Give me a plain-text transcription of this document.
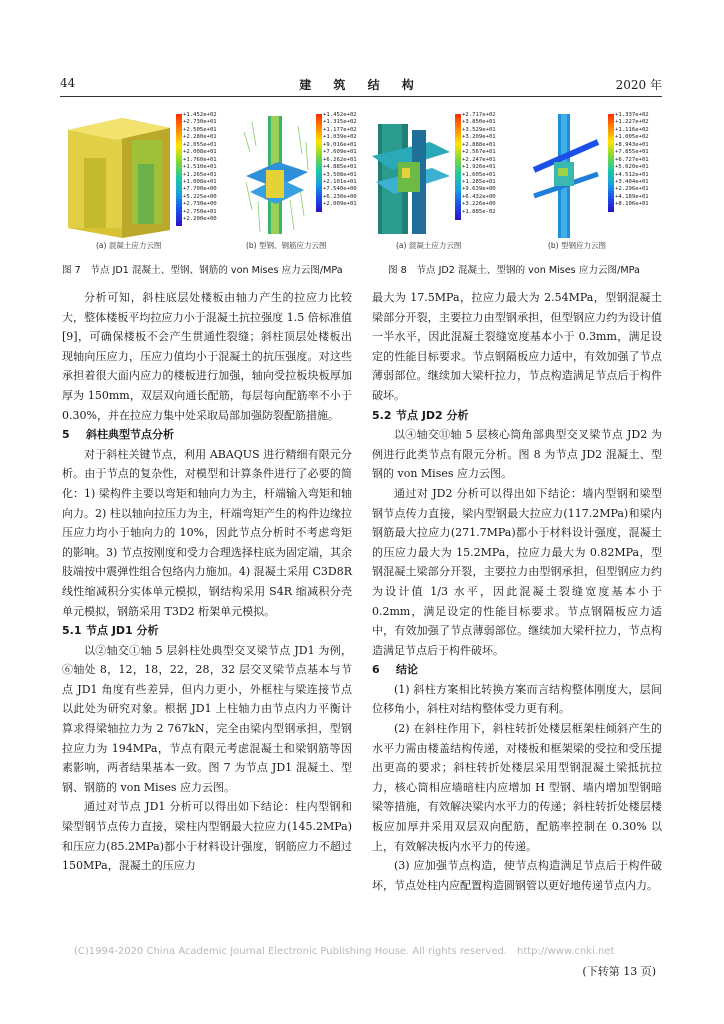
44	建 筑 结 构	2020 年
+1.452e+02
+2.730e+01
+2.505e+01
+2.280e+01
+2.055e+01
+2.008e+01
+1.760e+01
+1.510e+01
+1.265e+01
+1.008e+01
+7.700e+00
+5.225e+00
+2.730e+00
+2.750e+01
+2.200e+00
(a) 混凝土应力云图
+1.452e+02
+1.315e+02
+1.177e+02
+1.039e+02
+9.016e+01
+7.609e+01
+6.262e+01
+4.885e+01
+3.508e+01
+2.101e+01
+7.540e+00
+6.230e+00
+2.009e+01
(b) 型钢、钢筋应力云图
+2.717e+02
+3.850e+01
+3.529e+01
+3.209e+01
+2.888e+01
+2.567e+01
+2.247e+01
+1.926e+01
+1.605e+01
+1.285e+01
+9.639e+00
+6.432e+00
+3.226e+00
+1.885e-02
(a) 混凝土应力云图
+1.337e+02
+1.227e+02
+1.116e+02
+1.005e+02
+8.943e+01
+7.855e+01
+6.727e+01
+5.620e+01
+4.512e+01
+3.404e+01
+2.296e+01
+4.189e+01
+8.106e+01
(b) 型钢应力云图
图 7　节点 JD1 混凝土、型钢、钢筋的 von Mises 应力云图/MPa	图 8　节点 JD2 混凝土、型钢的 von Mises 应力云图/MPa

分析可知，斜柱底层处楼板由轴力产生的拉应力比较大，整体楼板平均拉应力小于混凝土抗拉强度 1.5 倍标准值[9]，可确保楼板不会产生贯通性裂缝；斜柱顶层处楼板出现轴向压应力，压应力值均小于混凝土的抗压强度。对这些承担着很大面内应力的楼板进行加强，轴向受拉板块板厚加厚为 150mm，双层双向通长配筋，每层每向配筋率不小于 0.30%，并在拉应力集中处采取局部加强防裂配筋措施。

5 斜柱典型节点分析

对于斜柱关键节点，利用 ABAQUS 进行精细有限元分析。由于节点的复杂性，对模型和计算条件进行了必要的简化：1) 梁构件主要以弯矩和轴向力为主，杆端输入弯矩和轴向力。2) 柱以轴向拉压力为主，杆端弯矩产生的构件边缘拉压应力均小于轴向力的 10%，因此节点分析时不考虑弯矩的影响。3) 节点按刚度和受力合理选择柱底为固定端，其余肢端按中震弹性组合包络内力施加。4) 混凝土采用 C3D8R 线性缩减积分实体单元模拟，钢结构采用 S4R 缩减积分壳单元模拟，钢筋采用 T3D2 桁架单元模拟。

5.1 节点 JD1 分析

以②轴交①轴 5 层斜柱处典型交叉梁节点 JD1 为例，⑥轴处 8，12，18，22，28，32 层交叉梁节点基本与节点 JD1 角度有些差异，但内力更小，外框柱与梁连接节点以此处为研究对象。根据 JD1 上柱轴力由节点内力平衡计算求得梁轴拉力为 2 767kN，完全由梁内型钢承担，型钢拉应力为 194MPa，节点有限元考虑混凝土和梁钢筋等因素影响，两者结果基本一致。图 7 为节点 JD1 混凝土、型钢、钢筋的 von Mises 应力云图。

通过对节点 JD1 分析可以得出如下结论：柱内型钢和梁型钢节点传力直接，梁柱内型钢最大拉应力(145.2MPa)和压应力(85.2MPa)都小于材料设计强度，钢筋应力不超过 150MPa，混凝土的压应力

最大为 17.5MPa，拉应力最大为 2.54MPa，型钢混凝土梁部分开裂，主要拉力由型钢承担，但型钢应力约为设计值一半水平，因此混凝土裂缝宽度基本小于 0.3mm，满足设定的性能目标要求。节点钢隔板应力适中，有效加强了节点薄弱部位。继续加大梁杆拉力，节点构造满足节点后于构件破坏。

5.2 节点 JD2 分析

以④轴交⑪轴 5 层核心筒角部典型交叉梁节点 JD2 为例进行此类节点有限元分析。图 8 为节点 JD2 混凝土、型钢的 von Mises 应力云图。

通过对 JD2 分析可以得出如下结论：墙内型钢和梁型钢节点传力直接，梁内型钢最大拉应力(117.2MPa)和梁内钢筋最大拉应力(271.7MPa)都小于材料设计强度，混凝土的压应力最大为 15.2MPa，拉应力最大为 0.82MPa，型钢混凝土梁部分开裂，主要拉力由型钢承担，但型钢应力约为设计值 1/3 水平，因此混凝土裂缝宽度基本小于 0.2mm，满足设定的性能目标要求。节点钢隔板应力适中，有效加强了节点薄弱部位。继续加大梁杆拉力，节点构造满足节点后于构件破坏。

6 结论

(1) 斜柱方案相比转换方案而言结构整体刚度大，层间位移角小，斜柱对结构整体受力更有利。

(2) 在斜柱作用下，斜柱转折处楼层框架柱倾斜产生的水平力需由楼盖结构传递，对楼板和框架梁的受拉和受压提出更高的要求；斜柱转折处楼层采用型钢混凝土梁抵抗拉力，核心筒相应墙暗柱内应增加 H 型钢、墙内增加型钢暗梁等措施，有效解决梁内水平力的传递；斜柱转折处楼层楼板应加厚并采用双层双向配筋，配筋率控制在 0.30% 以上，有效解决板内水平力的传递。

(3) 应加强节点构造，使节点构造满足节点后于构件破坏，节点处柱内应配置构造圆钢管以更好地传递节点内力。

(C)1994-2020 China Academic Journal Electronic Publishing House. All rights reserved.　http://www.cnki.net
(下转第 13 页)
